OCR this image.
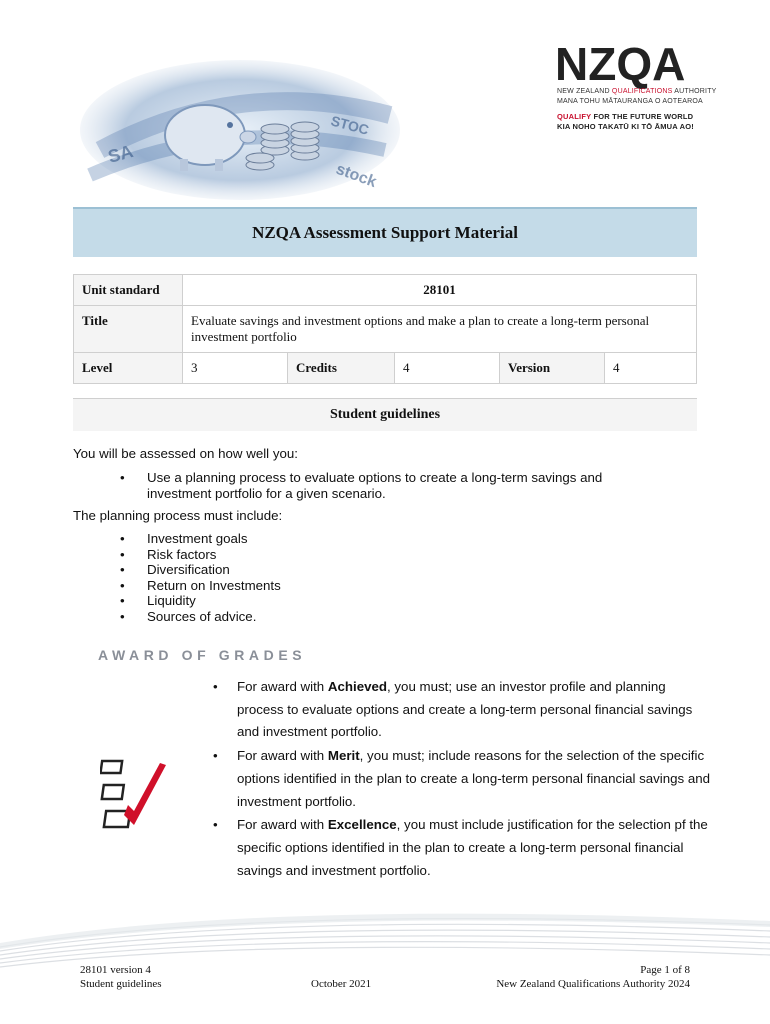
SA
STOC
stock
NZQA
NEW ZEALAND QUALIFICATIONS AUTHORITY
MANA TOHU MĀTAURANGA O AOTEAROA
QUALIFY FOR THE FUTURE WORLD
KIA NOHO TAKATŪ KI TŌ ĀMUA AO!
NZQA Assessment Support Material
Unit standard	28101				
Title	Evaluate savings and investment options and make a plan to create a long-term personal investment portfolio				
Level	3	Credits	4	Version	4
Student guidelines
You will be assessed on how well you:
• Use a planning process to evaluate options to create a long-term savings and
investment portfolio for a given scenario.
The planning process must include:
• Investment goals
• Risk factors
• Diversification
• Return on Investments
• Liquidity
• Sources of advice.
AWARD OF GRADES
• For award with Achieved, you must; use an investor profile and planning process to evaluate options and create a long-term personal financial savings and investment portfolio.
• For award with Merit, you must; include reasons for the selection of the specific options identified in the plan to create a long-term personal financial savings and investment portfolio.
• For award with Excellence, you must include justification for the selection pf the specific options identified in the plan to create a long-term personal financial savings and investment portfolio.
28101 version 4
Student guidelines	October 2021
Page 1 of 8
New Zealand Qualifications Authority 2024
